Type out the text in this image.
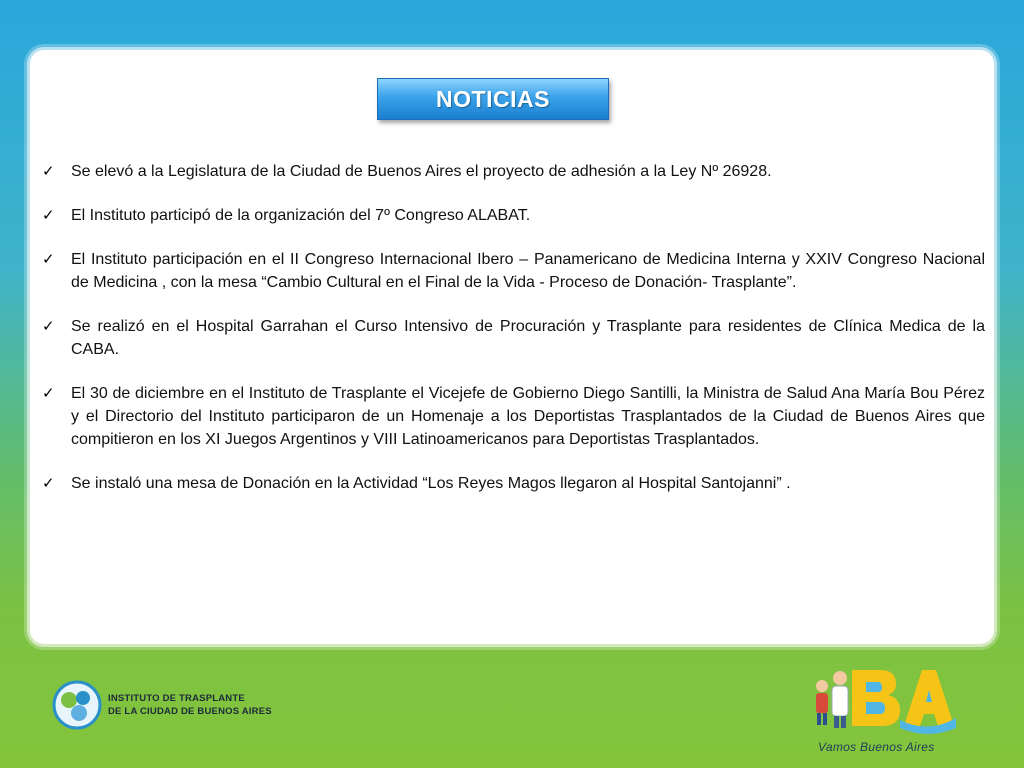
NOTICIAS
✓ Se elevó a la Legislatura de la Ciudad de Buenos Aires el proyecto de adhesión a la Ley Nº 26928.
✓ El Instituto participó de la organización del 7º Congreso ALABAT.
✓ El Instituto participación en el II Congreso Internacional Ibero – Panamericano de Medicina Interna y XXIV Congreso Nacional de Medicina , con la mesa “Cambio Cultural en el Final de la Vida - Proceso de Donación- Trasplante”.
✓ Se realizó en el Hospital Garrahan el Curso Intensivo de Procuración y Trasplante para residentes de Clínica Medica de la CABA.
✓ El 30 de diciembre en el Instituto de Trasplante el Vicejefe de Gobierno Diego Santilli, la Ministra de Salud Ana María Bou Pérez y el Directorio del Instituto participaron de un Homenaje a los Deportistas Trasplantados de la Ciudad de Buenos Aires que compitieron en los XI Juegos Argentinos y VIII Latinoamericanos para Deportistas Trasplantados.
✓ Se instaló una mesa de Donación en la Actividad “Los Reyes Magos llegaron al Hospital Santojanni” .
INSTITUTO DE TRASPLANTE
DE LA CIUDAD DE BUENOS AIRES
Vamos Buenos Aires
